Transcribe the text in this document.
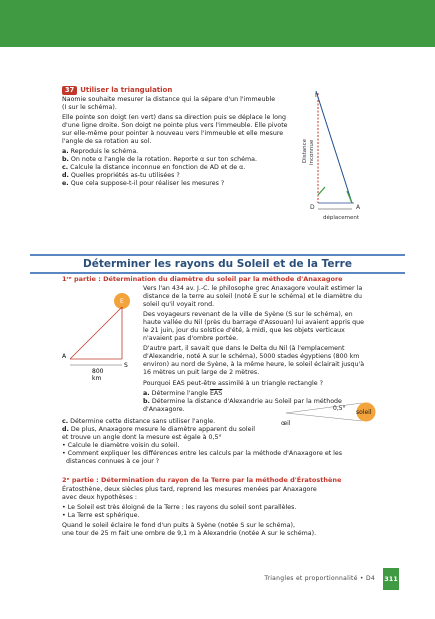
37 Utiliser la triangulation

Naomie souhaite mesurer la distance qui la sépare d'un l'immeuble
(I sur le schéma).

Elle pointe son doigt (en vert) dans sa direction puis se déplace le long
d'une ligne droite. Son doigt ne pointe plus vers l'immeuble. Elle pivote
sur elle-même pour pointer à nouveau vers l'immeuble et elle mesure
l'angle de sa rotation au sol.

a. Reproduis le schéma.
b. On note α l'angle de la rotation. Reporte α sur ton schéma.
c. Calcule la distance inconnue en fonction de AD et de α.
d. Quelles propriétés as-tu utilisées ?
e. Que cela suppose-t-il pour réaliser les mesures ?
I
D	A
Distance inconnue
déplacement
Déterminer les rayons du Soleil et de la Terre
1ʳᵉ partie : Détermination du diamètre du soleil par la méthode d'Anaxagore
E
A
S
800
km

Vers l'an 434 av. J.-C. le philosophe grec Anaxagore voulait estimer la
distance de la terre au soleil (noté E sur le schéma) et le diamètre du
soleil qu'il voyait rond.

Des voyageurs revenant de la ville de Syène (S sur le schéma), en
haute vallée du Nil (près du barrage d'Assouan) lui avaient appris que
le 21 juin, jour du solstice d'été, à midi, que les objets verticaux
n'avaient pas d'ombre portée.

D'autre part, il savait que dans le Delta du Nil (à l'emplacement
d'Alexandrie, noté A sur le schéma), 5000 stades égyptiens (800 km
environ) au nord de Syène, à la même heure, le soleil éclairait jusqu'à
16 mètres un puit large de 2 mètres.

Pourquoi EAS peut-être assimilé à un triangle rectangle ?

a. Détermine l'angle $\overline{EAS}$
b. Détermine la distance d'Alexandrie au Soleil par la méthode
d'Anaxagore.
c. Détermine cette distance sans utiliser l'angle.
d. De plus, Anaxagore mesure le diamètre apparent du soleil
et trouve un angle dont la mesure est égale à 0,5°
• Calcule le diamètre voisin du soleil.
• Comment expliquer les différences entre les calculs par la méthode d'Anaxagore et les
distances connues à ce jour ?
soleil
0,5°
œil
2ᵉ partie : Détermination du rayon de la Terre par la méthode d'Ératosthène

Ératosthène, deux siècles plus tard, reprend les mesures menées par Anaxagore
avec deux hypothèses :

• Le Soleil est très éloigné de la Terre : les rayons du soleil sont parallèles.
• La Terre est sphérique.

Quand le soleil éclaire le fond d'un puits à Syène (notée S sur le schéma),
une tour de 25 m fait une ombre de 9,1 m à Alexandrie (notée A sur le schéma).

Triangles et proportionnalité • D4 311
